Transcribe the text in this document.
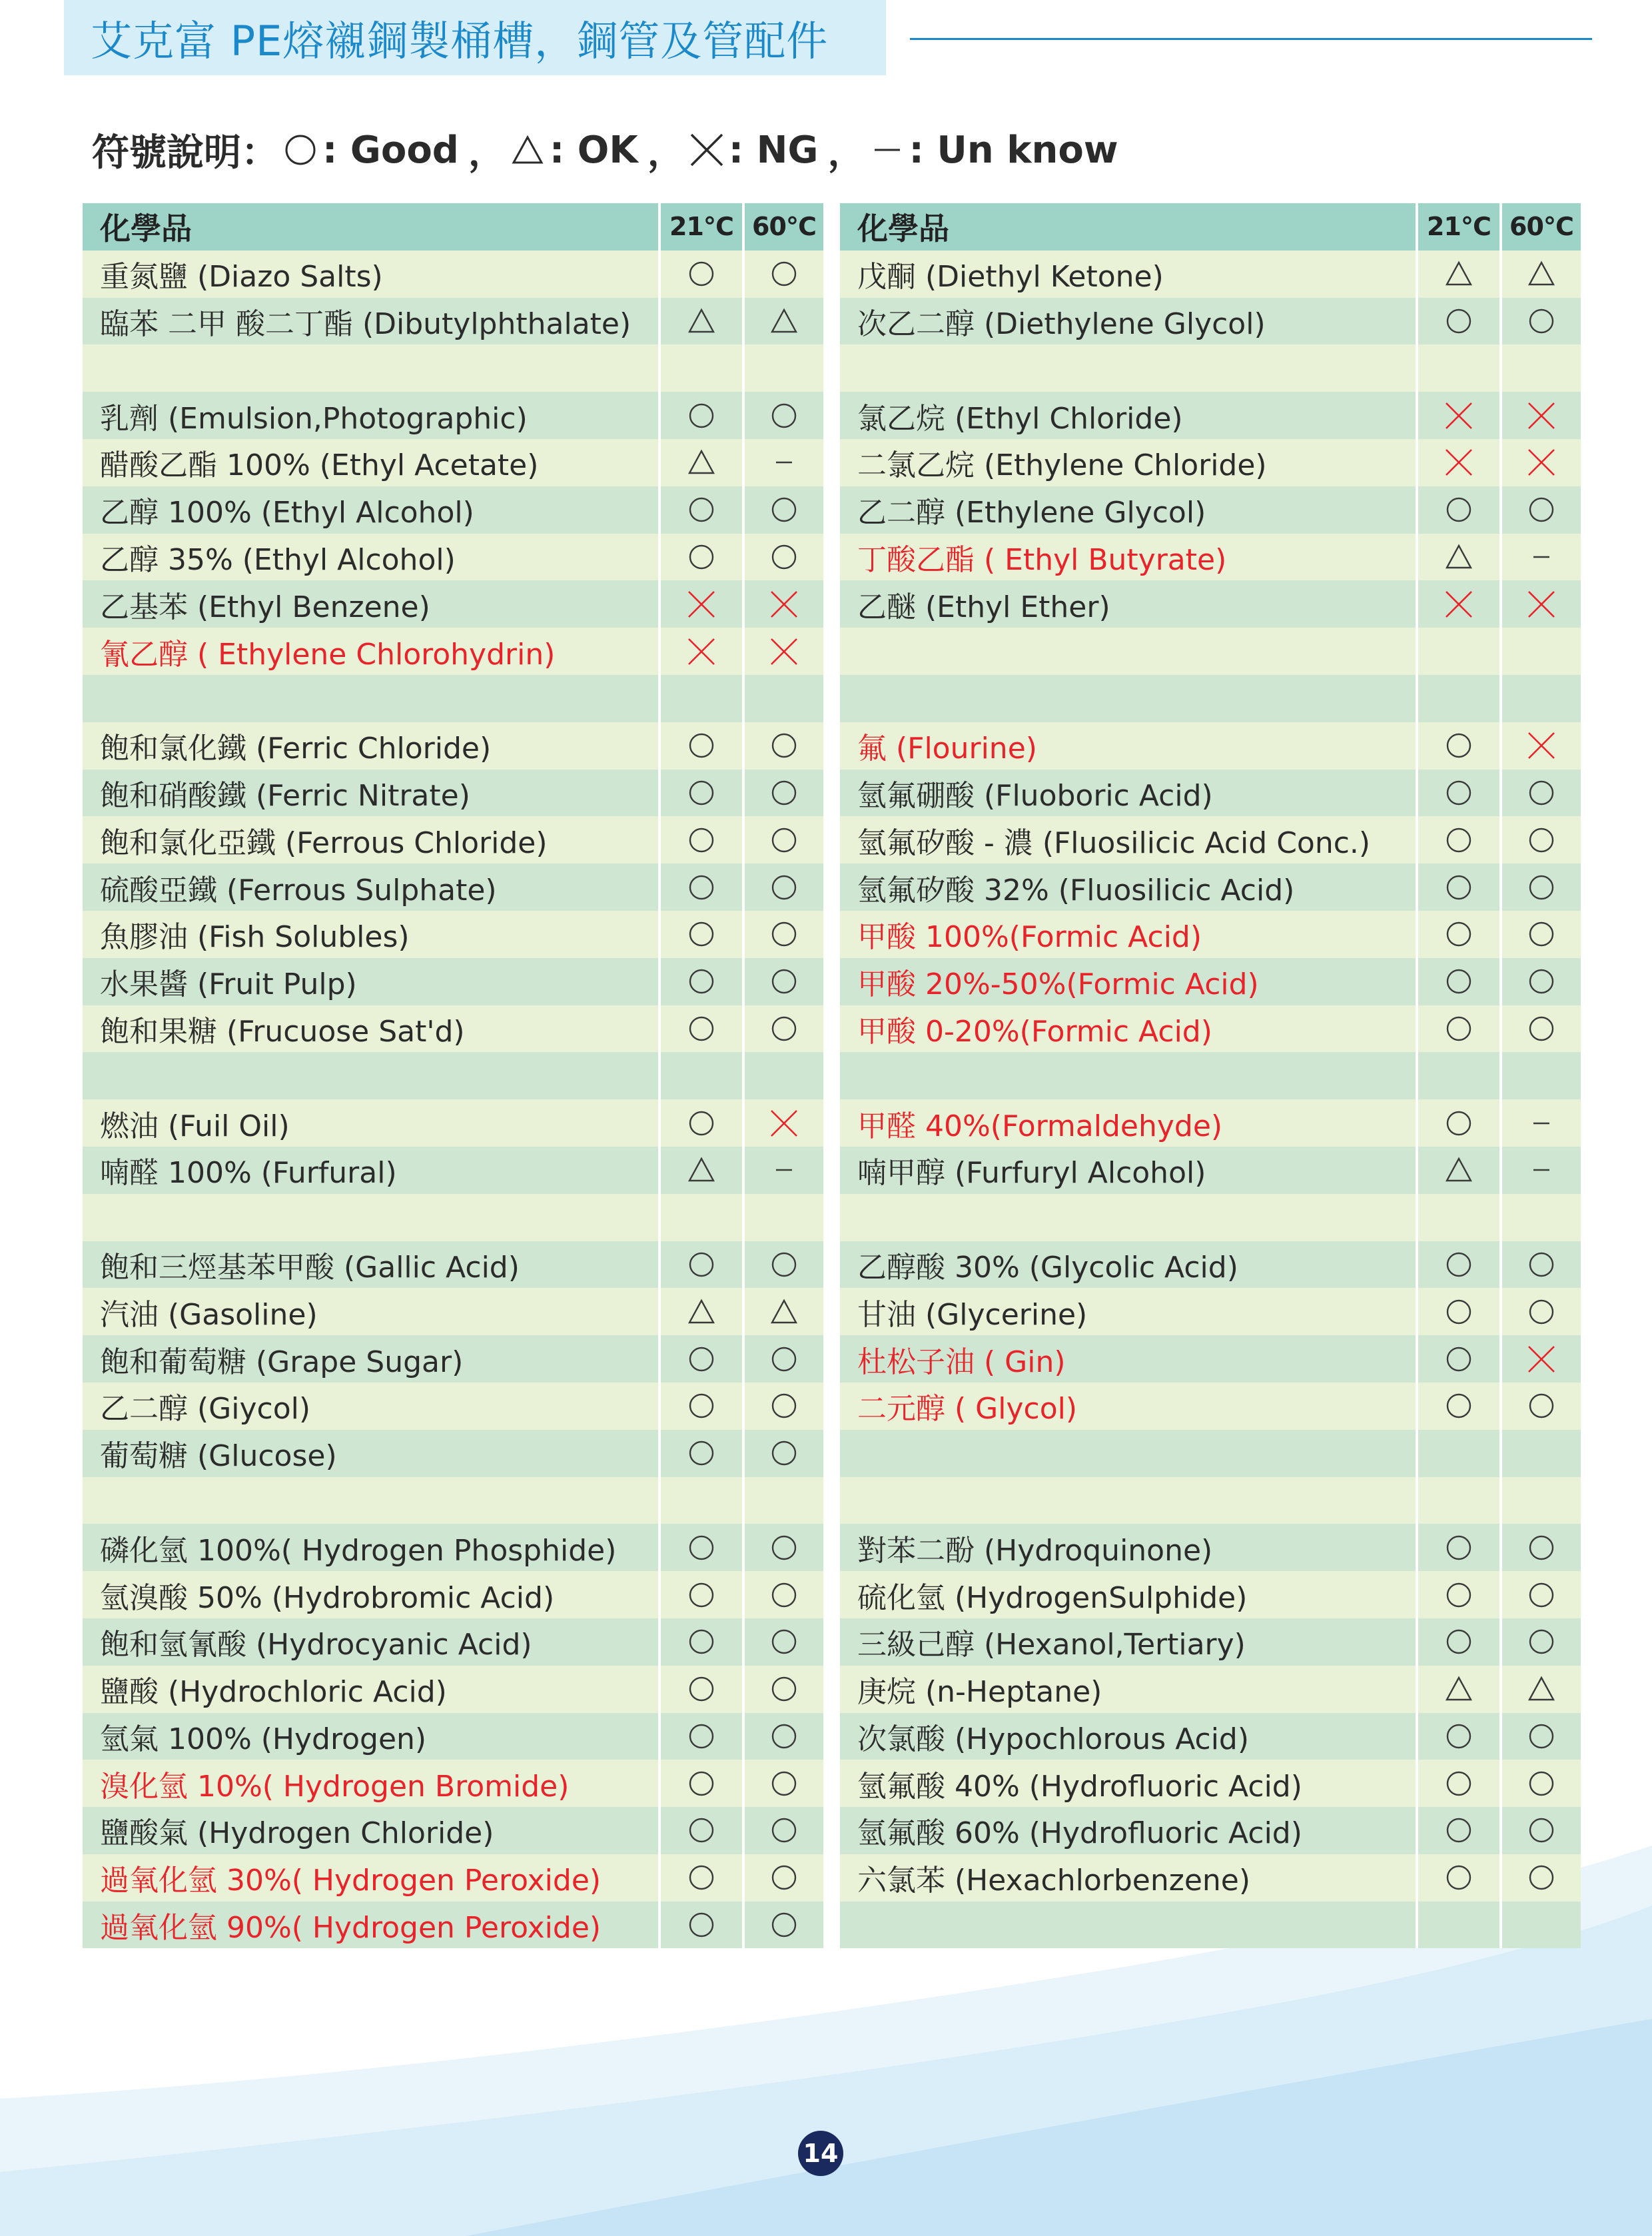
艾克富 PE熔襯鋼製桶槽，鋼管及管配件
符號說明： : Good ， : OK ， : NG ， : Un know
化學品	21℃ 60℃
重氮鹽 (Diazo Salts)
臨苯 二甲 酸二丁酯 (Dibutylphthalate)
乳劑 (Emulsion,Photographic)
醋酸乙酯 100% (Ethyl Acetate)
乙醇 100% (Ethyl Alcohol)
乙醇 35% (Ethyl Alcohol)
乙基苯 (Ethyl Benzene)
氰乙醇 ( Ethylene Chlorohydrin)
飽和氯化鐵 (Ferric Chloride)
飽和硝酸鐵 (Ferric Nitrate)
飽和氯化亞鐵 (Ferrous Chloride)
硫酸亞鐵 (Ferrous Sulphate)
魚膠油 (Fish Solubles)
水果醬 (Fruit Pulp)
飽和果糖 (Frucuose Sat'd)
燃油 (Fuil Oil)
喃醛 100% (Furfural)
飽和三烴基苯甲酸 (Gallic Acid)
汽油 (Gasoline)
飽和葡萄糖 (Grape Sugar)
乙二醇 (Giycol)
葡萄糖 (Glucose)
磷化氫 100%( Hydrogen Phosphide)
氫溴酸 50% (Hydrobromic Acid)
飽和氫氰酸 (Hydrocyanic Acid)
鹽酸 (Hydrochloric Acid)
氫氣 100% (Hydrogen)
溴化氫 10%( Hydrogen Bromide)
鹽酸氣 (Hydrogen Chloride)
過氧化氫 30%( Hydrogen Peroxide)
過氧化氫 90%( Hydrogen Peroxide)
化學品	21℃ 60℃
戊酮 (Diethyl Ketone)
次乙二醇 (Diethylene Glycol)
氯乙烷 (Ethyl Chloride)
二氯乙烷 (Ethylene Chloride)
乙二醇 (Ethylene Glycol)
丁酸乙酯 ( Ethyl Butyrate)
乙醚 (Ethyl Ether)
氟 (Flourine)
氫氟硼酸 (Fluoboric Acid)
氫氟矽酸 - 濃 (Fluosilicic Acid Conc.)
氫氟矽酸 32% (Fluosilicic Acid)
甲酸 100%(Formic Acid)
甲酸 20%-50%(Formic Acid)
甲酸 0-20%(Formic Acid)
甲醛 40%(Formaldehyde)
喃甲醇 (Furfuryl Alcohol)
乙醇酸 30% (Glycolic Acid)
甘油 (Glycerine)
杜松子油 ( Gin)
二元醇 ( Glycol)
對苯二酚 (Hydroquinone)
硫化氫 (HydrogenSulphide)
三級己醇 (Hexanol,Tertiary)
庚烷 (n-Heptane)
次氯酸 (Hypochlorous Acid)
氫氟酸 40% (Hydrofluoric Acid)
氫氟酸 60% (Hydrofluoric Acid)
六氯苯 (Hexachlorbenzene)
14
